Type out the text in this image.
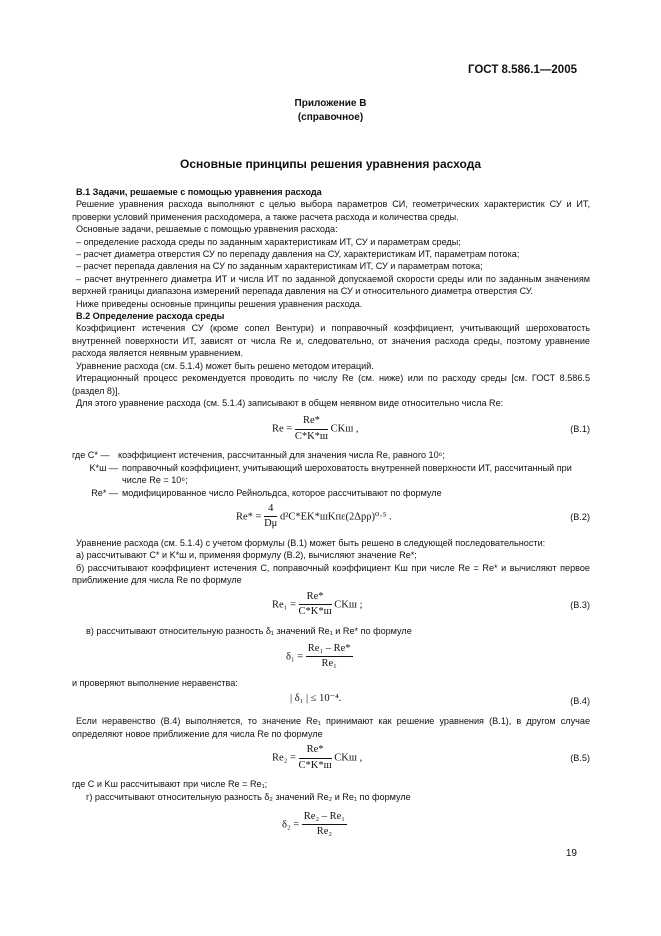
ГОСТ 8.586.1—2005
Приложение В
(справочное)
Основные принципы решения уравнения расхода

В.1 Задачи, решаемые с помощью уравнения расхода

Решение уравнения расхода выполняют с целью выбора параметров СИ, геометрических характеристик СУ и ИТ, проверки условий применения расходомера, а также расчета расхода и количества среды.

Основные задачи, решаемые с помощью уравнения расхода:

– определение расхода среды по заданным характеристикам ИТ, СУ и параметрам среды;

– расчет диаметра отверстия СУ по перепаду давления на СУ, характеристикам ИТ, параметрам потока;

– расчет перепада давления на СУ по заданным характеристикам ИТ, СУ и параметрам потока;

– расчет внутреннего диаметра ИТ и числа ИТ по заданной допускаемой скорости среды или по заданным значениям верхней границы диапазона измерений перепада давления на СУ и относительного диаметра отверстия СУ.

Ниже приведены основные принципы решения уравнения расхода.

В.2 Определение расхода среды

Коэффициент истечения СУ (кроме сопел Вентури) и поправочный коэффициент, учитывающий шероховатость внутренней поверхности ИТ, зависят от числа Re и, следовательно, от значения расхода среды, поэтому уравнение расхода является неявным уравнением.

Уравнение расхода (см. 5.1.4) может быть решено методом итераций.

Итерационный процесс рекомендуется проводить по числу Re (см. ниже) или по расходу среды [см. ГОСТ 8.586.5 (раздел 8)].

Для этого уравнение расхода (см. 5.1.4) записывают в общем неявном виде относительно числа Re:

$Re = \frac{Re*}{C*K*ш}$ CKш ,	(В.1)
где C* — коэффициент истечения, рассчитанный для значения числа Re, равного 10⁶;
K*ш — поправочный коэффициент, учитывающий шероховатость внутренней поверхности ИТ, рассчитанный при числе Re = 10⁶;
Re* — модифицированное число Рейнольдса, которое рассчитывают по формуле
$Re* = \frac{4}{D\mu} d^2C*EK*шKп\varepsilon(2\Delta p\rho)^0\cdot^5$ .	(В.2)

Уравнение расхода (см. 5.1.4) с учетом формулы (В.1) может быть решено в следующей последовательности:

а) рассчитывают C* и K*ш и, применяя формулу (В.2), вычисляют значение Re*;

б) рассчитывают коэффициент истечения C, поправочный коэффициент Kш при числе Re = Re* и вычисляют первое приближение для числа Re по формуле

$Re_1 = \frac{Re*}{C*K*ш}$ CKш ;	(В.3)

в) рассчитывают относительную разность δ₁ значений Re₁ и Re* по формуле

$\delta_1 = \frac{\text{Re₁ – Re*}}{\text{Re₁}}$

и проверяют выполнение неравенства:

| δ₁ | ≤ 10⁻⁴.	(В.4)

Если неравенство (В.4) выполняется, то значение Re₁ принимают как решение уравнения (В.1), в другом случае определяют новое приближение для числа Re по формуле

$Re_2 = \frac{Re*}{C*K*ш}$ CKш ,	(В.5)

где C и Kш рассчитывают при числе Re = Re₁;

г) рассчитывают относительную разность δ₂ значений Re₂ и Re₁ по формуле

$\delta_2 = \frac{\text{Re₂ – Re₁}}{\text{Re₂}}$
19
